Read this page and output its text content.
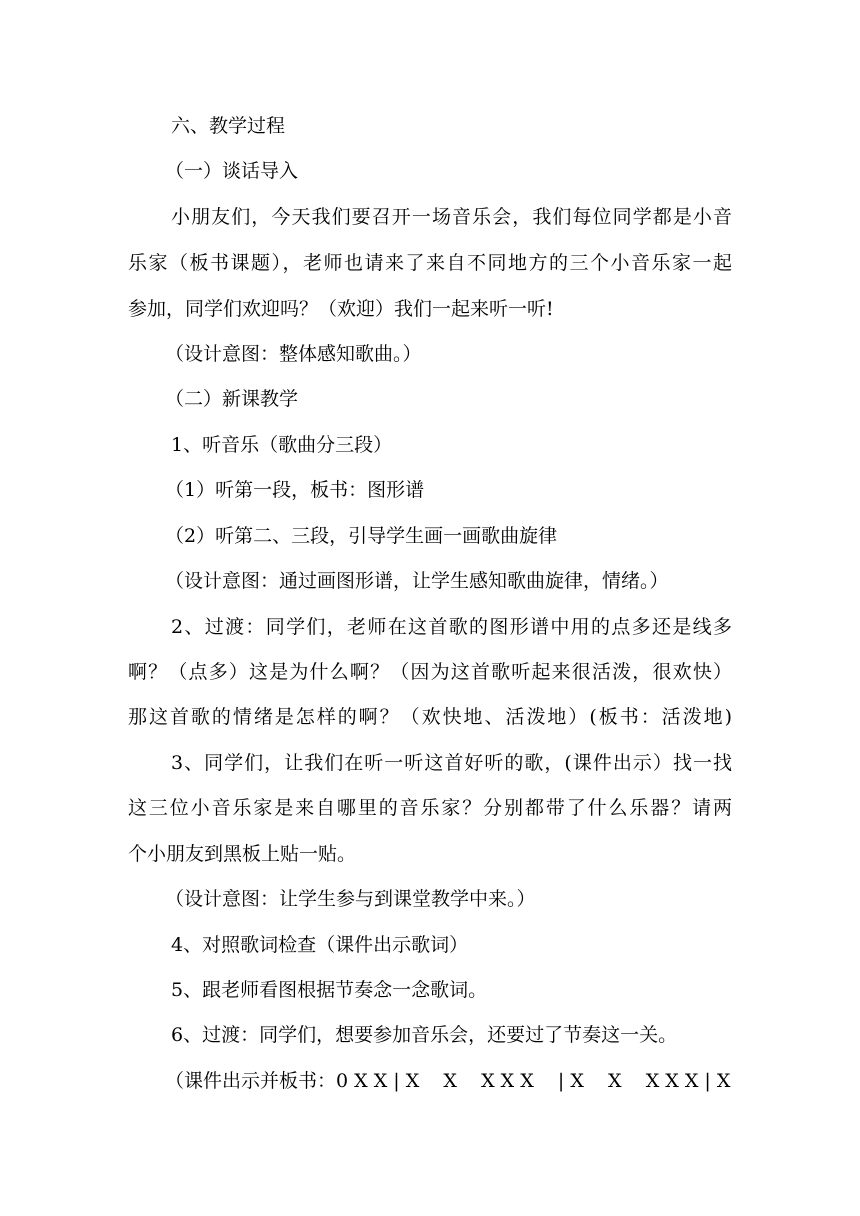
六、教学过程
（一）谈话导入
小朋友们，今天我们要召开一场音乐会，我们每位同学都是小音
乐家（板书课题），老师也请来了来自不同地方的三个小音乐家一起
参加，同学们欢迎吗？（欢迎）我们一起来听一听!
（设计意图：整体感知歌曲。）
（二）新课教学
1、听音乐（歌曲分三段）
（1）听第一段，板书：图形谱
（2）听第二、三段，引导学生画一画歌曲旋律
（设计意图：通过画图形谱，让学生感知歌曲旋律，情绪。）
2、过渡：同学们，老师在这首歌的图形谱中用的点多还是线多
啊？（点多）这是为什么啊？（因为这首歌听起来很活泼，很欢快）
那这首歌的情绪是怎样的啊？（欢快地、活泼地）(板书：活泼地)
3、同学们，让我们在听一听这首好听的歌，(课件出示）找一找
这三位小音乐家是来自哪里的音乐家？分别都带了什么乐器？请两
个小朋友到黑板上贴一贴。
（设计意图：让学生参与到课堂教学中来。）
4、对照歌词检查（课件出示歌词）
5、跟老师看图根据节奏念一念歌词。
6、过渡：同学们，想要参加音乐会，还要过了节奏这一关。
（课件出示并板书：0 X X | X    X    X X X    | X    X    X X X | X
